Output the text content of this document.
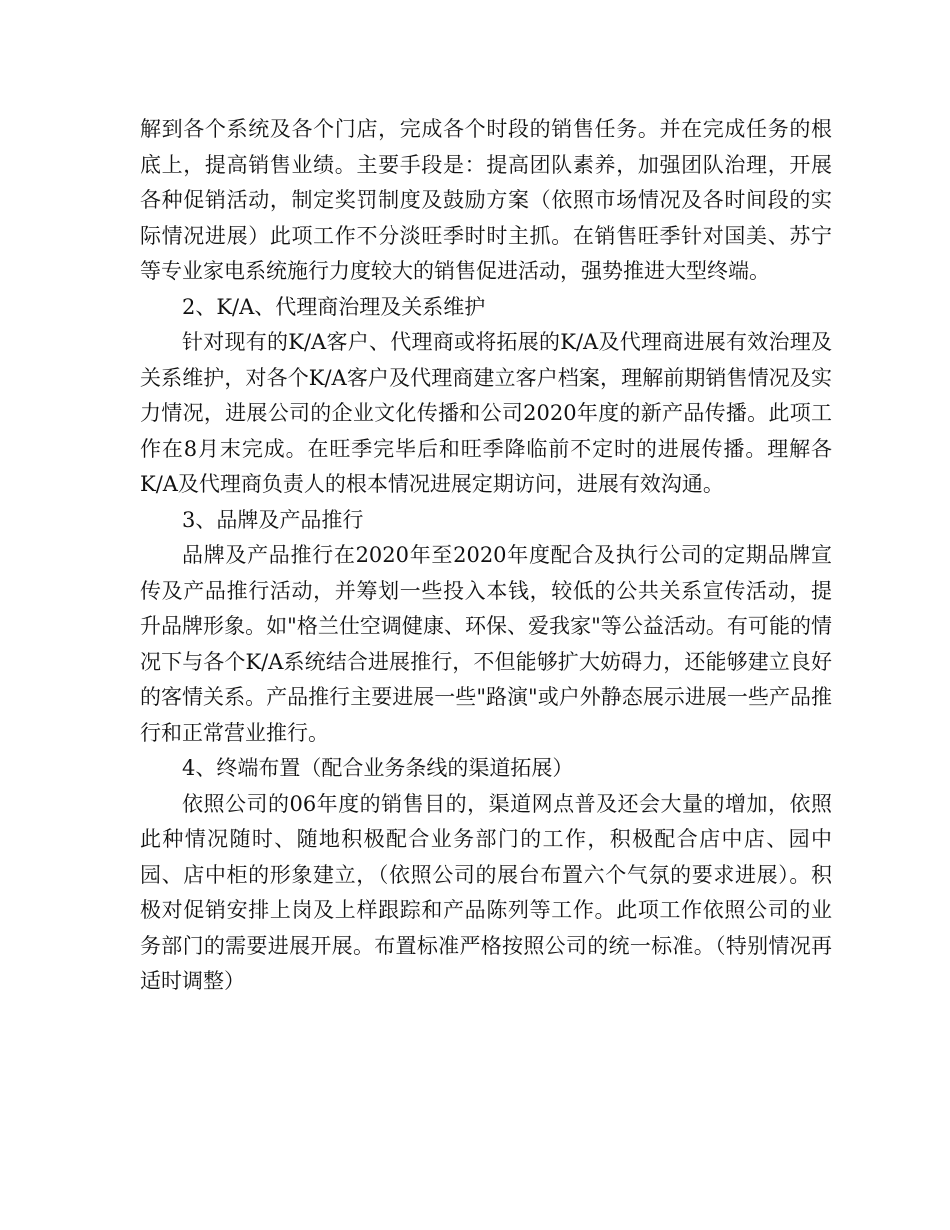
解到各个系统及各个门店，完成各个时段的销售任务。并在完成任务的根底上，提高销售业绩。主要手段是：提高团队素养，加强团队治理，开展各种促销活动，制定奖罚制度及鼓励方案（依照市场情况及各时间段的实际情况进展）此项工作不分淡旺季时时主抓。在销售旺季针对国美、苏宁等专业家电系统施行力度较大的销售促进活动，强势推进大型终端。

2、K/A、代理商治理及关系维护

针对现有的K/A客户、代理商或将拓展的K/A及代理商进展有效治理及关系维护，对各个K/A客户及代理商建立客户档案，理解前期销售情况及实力情况，进展公司的企业文化传播和公司2020年度的新产品传播。此项工作在8月末完成。在旺季完毕后和旺季降临前不定时的进展传播。理解各K/A及代理商负责人的根本情况进展定期访问，进展有效沟通。

3、品牌及产品推行

品牌及产品推行在2020年至2020年度配合及执行公司的定期品牌宣传及产品推行活动，并筹划一些投入本钱，较低的公共关系宣传活动，提升品牌形象。如"格兰仕空调健康、环保、爱我家"等公益活动。有可能的情况下与各个K/A系统结合进展推行，不但能够扩大妨碍力，还能够建立良好的客情关系。产品推行主要进展一些"路演"或户外静态展示进展一些产品推行和正常营业推行。

4、终端布置（配合业务条线的渠道拓展）

依照公司的06年度的销售目的，渠道网点普及还会大量的增加，依照此种情况随时、随地积极配合业务部门的工作，积极配合店中店、园中园、店中柜的形象建立，（依照公司的展台布置六个气氛的要求进展）。积极对促销安排上岗及上样跟踪和产品陈列等工作。此项工作依照公司的业务部门的需要进展开展。布置标准严格按照公司的统一标准。（特别情况再适时调整）
